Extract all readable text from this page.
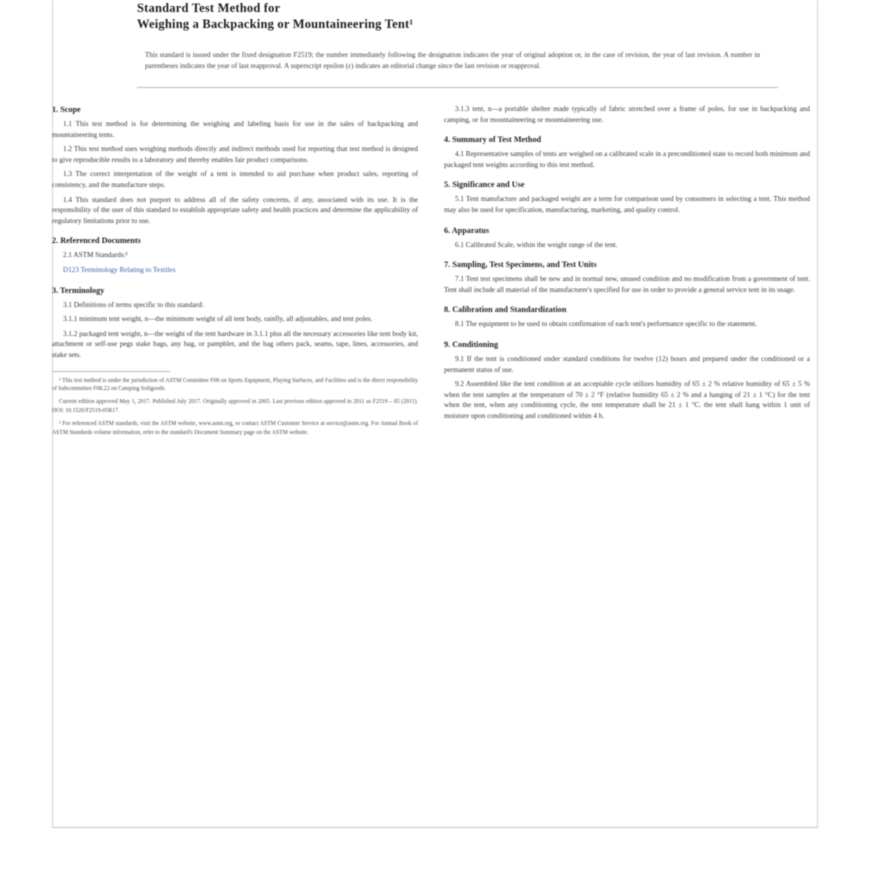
Standard Test Method for
Weighing a Backpacking or Mountaineering Tent¹
This standard is issued under the fixed designation F2519; the number immediately following the designation indicates the year of original adoption or, in the case of revision, the year of last revision. A number in parentheses indicates the year of last reapproval. A superscript epsilon (ε) indicates an editorial change since the last revision or reapproval.
1. Scope

1.1 This test method is for determining the weighing and labeling basis for use in the sales of backpacking and mountaineering tents.

1.2 This test method uses weighing methods directly and indirect methods used for reporting that test method is designed to give reproducible results to a laboratory and thereby enables fair product comparisons.

1.3 The correct interpretation of the weight of a tent is intended to aid purchase when product sales, reporting of consistency, and the manufacture steps.

1.4 This standard does not purport to address all of the safety concerns, if any, associated with its use. It is the responsibility of the user of this standard to establish appropriate safety and health practices and determine the applicability of regulatory limitations prior to use.

2. Referenced Documents

2.1 ASTM Standards:²

D123 Terminology Relating to Textiles

3. Terminology

3.1 Definitions of terms specific to this standard:

3.1.1 minimum tent weight, n—the minimum weight of all tent body, rainfly, all adjustables, and tent poles.

3.1.2 packaged tent weight, n—the weight of the tent hardware in 3.1.1 plus all the necessary accessories like tent body kit, attachment or self-use pegs stake bags, any bag, or pamphlet, and the bag others pack, seams, tape, lines, accessories, and stake sets.

¹ This test method is under the jurisdiction of ASTM Committee F08 on Sports Equipment, Playing Surfaces, and Facilities and is the direct responsibility of Subcommittee F08.22 on Camping Softgoods.

Current edition approved May 1, 2017. Published July 2017. Originally approved in 2005. Last previous edition approved in 2011 as F2519 – 05 (2011). DOI: 10.1520/F2519-05R17.

² For referenced ASTM standards, visit the ASTM website, www.astm.org, or contact ASTM Customer Service at service@astm.org. For Annual Book of ASTM Standards volume information, refer to the standard's Document Summary page on the ASTM website.

3.1.3 tent, n—a portable shelter made typically of fabric stretched over a frame of poles, for use in backpacking and camping, or for mountaineering or mountaineering use.

4. Summary of Test Method

4.1 Representative samples of tents are weighed on a calibrated scale in a preconditioned state to record both minimum and packaged tent weights according to this test method.

5. Significance and Use

5.1 Tent manufacture and packaged weight are a term for comparison used by consumers in selecting a tent. This method may also be used for specification, manufacturing, marketing, and quality control.

6. Apparatus

6.1 Calibrated Scale, within the weight range of the tent.

7. Sampling, Test Specimens, and Test Units

7.1 Tent test specimens shall be new and in normal new, unused condition and no modification from a government of tent. Tent shall include all material of the manufacturer's specified for use in order to provide a general service tent in its usage.

8. Calibration and Standardization

8.1 The equipment to be used to obtain confirmation of each tent's performance specific to the statement.

9. Conditioning

9.1 If the tent is conditioned under standard conditions for twelve (12) hours and prepared under the conditioned or a permanent status of use.

9.2 Assembled like the tent condition at an acceptable cycle utilizes humidity of 65 ± 2 % relative humidity of 65 ± 5 % when the tent samples at the temperature of 70 ± 2 °F (relative humidity 65 ± 2 % and a hanging of 21 ± 1 °C) for the tent when the tent, when any conditioning cycle, the tent temperature shall be 21 ± 1 °C. the tent shall hang within 1 unit of moisture upon conditioning and conditioned within 4 h.
